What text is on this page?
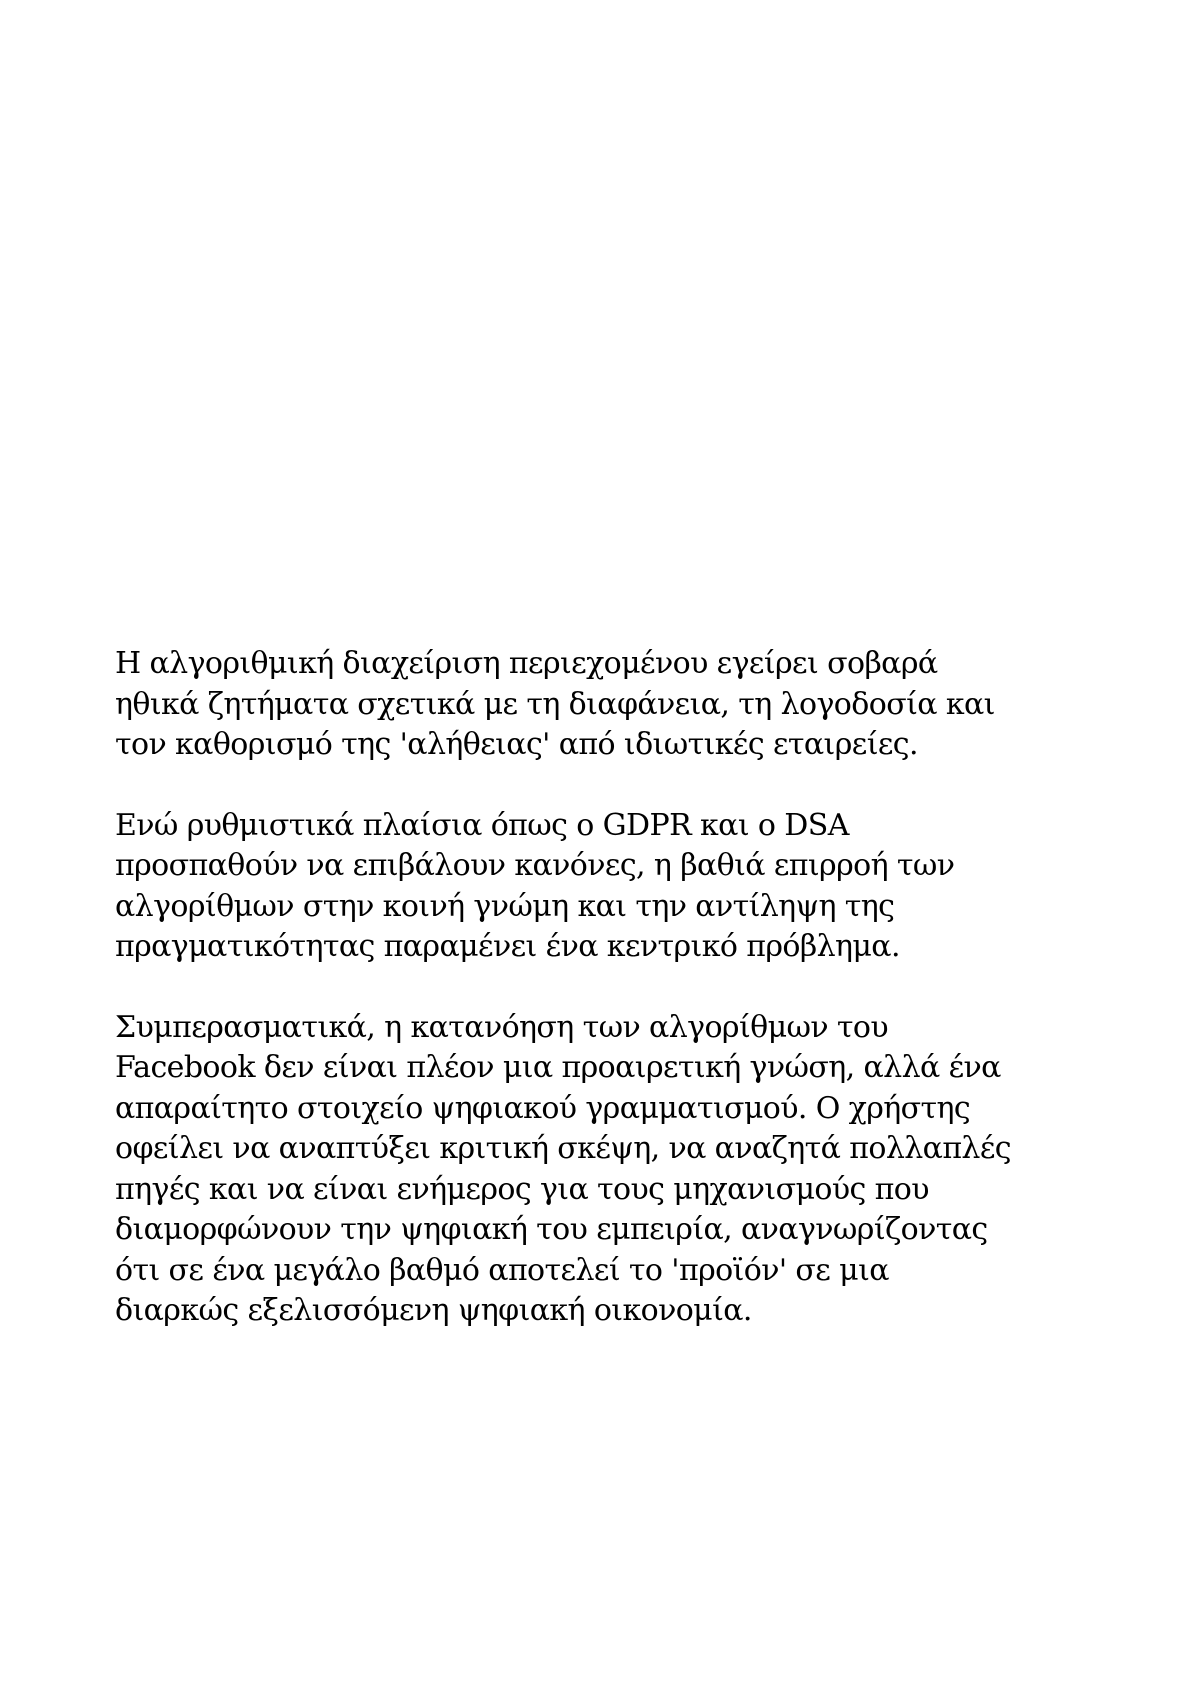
Η αλγοριθμική διαχείριση περιεχομένου εγείρει σοβαρά
ηθικά ζητήματα σχετικά με τη διαφάνεια, τη λογοδοσία και
τον καθορισμό της 'αλήθειας' από ιδιωτικές εταιρείες.

Ενώ ρυθμιστικά πλαίσια όπως ο GDPR και ο DSA
προσπαθούν να επιβάλουν κανόνες, η βαθιά επιρροή των
αλγορίθμων στην κοινή γνώμη και την αντίληψη της
πραγματικότητας παραμένει ένα κεντρικό πρόβλημα.

Συμπερασματικά, η κατανόηση των αλγορίθμων του
Facebook δεν είναι πλέον μια προαιρετική γνώση, αλλά ένα
απαραίτητο στοιχείο ψηφιακού γραμματισμού. Ο χρήστης
οφείλει να αναπτύξει κριτική σκέψη, να αναζητά πολλαπλές
πηγές και να είναι ενήμερος για τους μηχανισμούς που
διαμορφώνουν την ψηφιακή του εμπειρία, αναγνωρίζοντας
ότι σε ένα μεγάλο βαθμό αποτελεί το 'προϊόν' σε μια
διαρκώς εξελισσόμενη ψηφιακή οικονομία.
